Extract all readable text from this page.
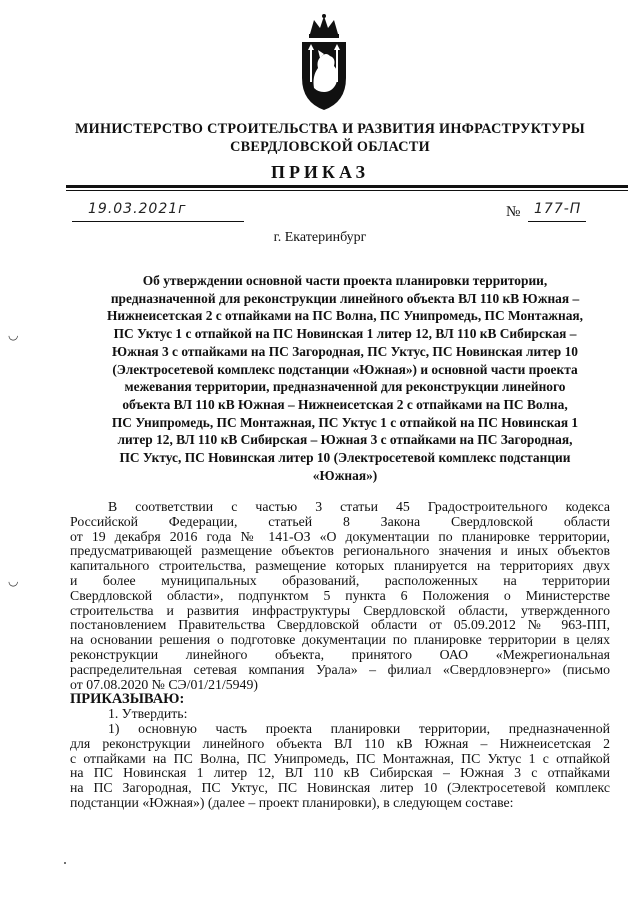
МИНИСТЕРСТВО СТРОИТЕЛЬСТВА И РАЗВИТИЯ ИНФРАСТРУКТУРЫ
СВЕРДЛОВСКОЙ ОБЛАСТИ
ПРИКАЗ
19.03.2021г	№ 177-П
г. Екатеринбург
Об утверждении основной части проекта планировки территории,
предназначенной для реконструкции линейного объекта ВЛ 110 кВ Южная –
Нижнеисетская 2 с отпайками на ПС Волна, ПС Унипромедь, ПС Монтажная,
ПС Уктус 1 с отпайкой на ПС Новинская 1 литер 12, ВЛ 110 кВ Сибирская –
Южная 3 с отпайками на ПС Загородная, ПС Уктус, ПС Новинская литер 10
(Электросетевой комплекс подстанции «Южная») и основной части проекта
межевания территории, предназначенной для реконструкции линейного
объекта ВЛ 110 кВ Южная – Нижнеисетская 2 с отпайками на ПС Волна,
ПС Унипромедь, ПС Монтажная, ПС Уктус 1 с отпайкой на ПС Новинская 1
литер 12, ВЛ 110 кВ Сибирская – Южная 3 с отпайками на ПС Загородная,
ПС Уктус, ПС Новинская литер 10 (Электросетевой комплекс подстанции
«Южная»)
В соответствии с частью 3 статьи 45 Градостроительного кодекса
Российской Федерации, статьей 8 Закона Свердловской области
от 19 декабря 2016 года № 141-ОЗ «О документации по планировке территории,
предусматривающей размещение объектов регионального значения и иных объектов
капитального строительства, размещение которых планируется на территориях двух
и более муниципальных образований, расположенных на территории
Свердловской области», подпунктом 5 пункта 6 Положения о Министерстве
строительства и развития инфраструктуры Свердловской области, утвержденного
постановлением Правительства Свердловской области от 05.09.2012 № 963-ПП,
на основании решения о подготовке документации по планировке территории в целях
реконструкции линейного объекта, принятого ОАО «Межрегиональная
распределительная сетевая компания Урала» – филиал «Свердловэнерго» (письмо
от 07.08.2020 № СЭ/01/21/5949)
ПРИКАЗЫВАЮ:
1. Утвердить:
1) основную часть проекта планировки территории, предназначенной
для реконструкции линейного объекта ВЛ 110 кВ Южная – Нижнеисетская 2
с отпайками на ПС Волна, ПС Унипромедь, ПС Монтажная, ПС Уктус 1 с отпайкой
на ПС Новинская 1 литер 12, ВЛ 110 кВ Сибирская – Южная 3 с отпайками
на ПС Загородная, ПС Уктус, ПС Новинская литер 10 (Электросетевой комплекс
подстанции «Южная») (далее – проект планировки), в следующем составе:
◡
◡
